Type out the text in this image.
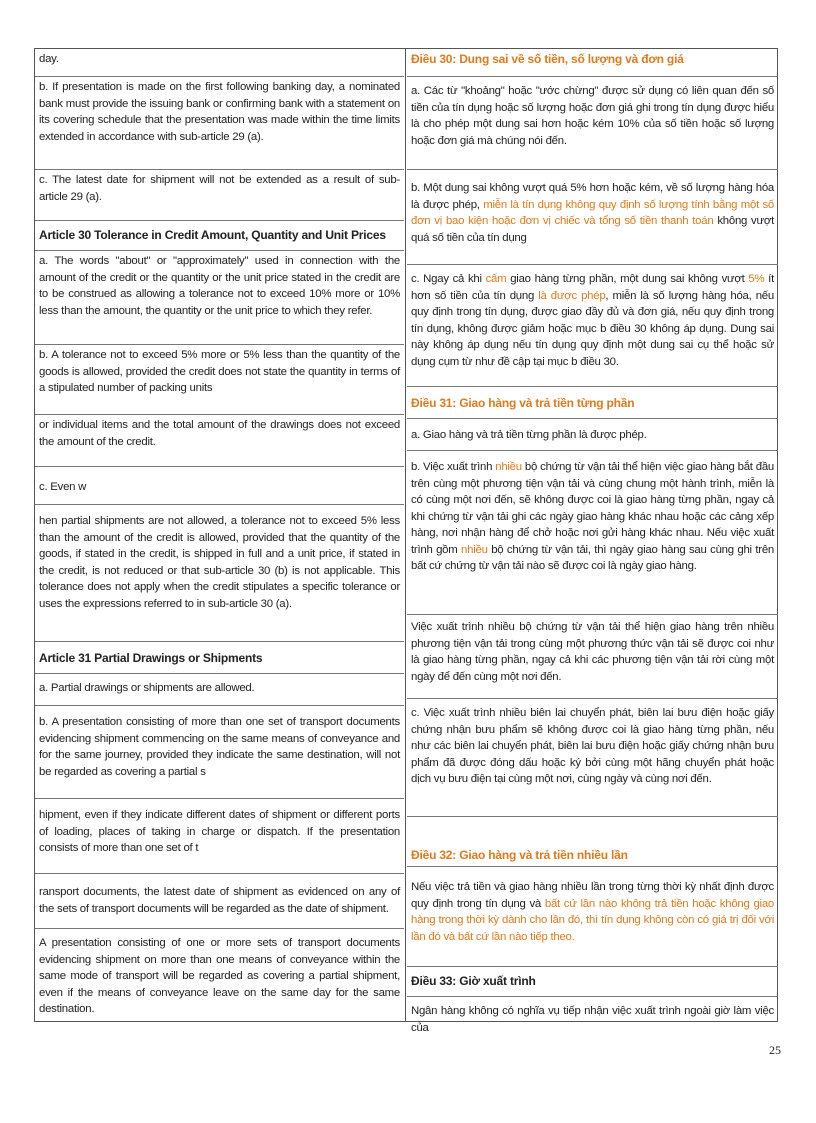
day.

b. If presentation is made on the first following banking day, a nominated bank must provide the issuing bank or confirming bank with a statement on its covering schedule that the presentation was made within the time limits extended in accordance with sub-article 29 (a).

c. The latest date for shipment will not be extended as a result of sub-article 29 (a).

Article 30 Tolerance in Credit Amount, Quantity and Unit Prices

a. The words "about" or "approximately" used in connection with the amount of the credit or the quantity or the unit price stated in the credit are to be construed as allowing a tolerance not to exceed 10% more or 10% less than the amount, the quantity or the unit price to which they refer.

b. A tolerance not to exceed 5% more or 5% less than the quantity of the goods is allowed, provided the credit does not state the quantity in terms of a stipulated number of packing units

or individual items and the total amount of the drawings does not exceed the amount of the credit.

c. Even w

hen partial shipments are not allowed, a tolerance not to exceed 5% less than the amount of the credit is allowed, provided that the quantity of the goods, if stated in the credit, is shipped in full and a unit price, if stated in the credit, is not reduced or that sub-article 30 (b) is not applicable. This tolerance does not apply when the credit stipulates a specific tolerance or uses the expressions referred to in sub-article 30 (a).

Article 31 Partial Drawings or Shipments

a. Partial drawings or shipments are allowed.

b. A presentation consisting of more than one set of transport documents evidencing shipment commencing on the same means of conveyance and for the same journey, provided they indicate the same destination, will not be regarded as covering a partial s

hipment, even if they indicate different dates of shipment or different ports of loading, places of taking in charge or dispatch. If the presentation consists of more than one set of t

ransport documents, the latest date of shipment as evidenced on any of the sets of transport documents will be regarded as the date of shipment.

A presentation consisting of one or more sets of transport documents evidencing shipment on more than one means of conveyance within the same mode of transport will be regarded as covering a partial shipment, even if the means of conveyance leave on the same day for the same destination.

Điều 30: Dung sai về số tiền, số lượng và đơn giá

a. Các từ "khoảng" hoặc "ước chừng" được sử dụng có liên quan đến số tiền của tín dụng hoặc số lượng hoặc đơn giá ghi trong tín dụng được hiểu là cho phép một dung sai hơn hoặc kém 10% của số tiền hoặc số lượng hoặc đơn giá mà chúng nói đến.

b. Một dung sai không vượt quá 5% hơn hoặc kém, về số lượng hàng hóa là được phép, miễn là tín dụng không quy định số lượng tính bằng một số đơn vị bao kiện hoặc đơn vị chiếc và tổng số tiền thanh toán không vượt quá số tiền của tín dụng

c. Ngay cả khi cấm giao hàng từng phần, một dung sai không vượt 5% ít hơn số tiền của tín dụng là được phép, miễn là số lượng hàng hóa, nếu quy định trong tín dụng, được giao đầy đủ và đơn giá, nếu quy định trong tín dụng, không được giảm hoặc mục b điều 30 không áp dụng. Dung sai này không áp dụng nếu tín dụng quy định một dung sai cụ thể hoặc sử dụng cụm từ như đề cập tại mục b điều 30.

Điều 31: Giao hàng và trả tiền từng phần

a. Giao hàng và trả tiền từng phần là được phép.

b. Việc xuất trình nhiều bộ chứng từ vận tải thể hiện việc giao hàng bắt đầu trên cùng một phương tiện vận tải và cùng chung một hành trình, miễn là có cùng một nơi đến, sẽ không được coi là giao hàng từng phần, ngay cả khi chứng từ vận tải ghi các ngày giao hàng khác nhau hoặc các cảng xếp hàng, nơi nhận hàng để chở hoặc nơi gửi hàng khác nhau. Nếu việc xuất trình gồm nhiều bộ chứng từ vận tải, thì ngày giao hàng sau cùng ghi trên bất cứ chứng từ vận tải nào sẽ được coi là ngày giao hàng.

Việc xuất trình nhiều bộ chứng từ vận tải thể hiện giao hàng trên nhiều phương tiện vận tải trong cùng một phương thức vận tải sẽ được coi như là giao hàng từng phần, ngay cả khi các phương tiện vận tải rời cùng một ngày để đến cùng một nơi đến.

c. Việc xuất trình nhiều biên lai chuyển phát, biên lai bưu điện hoặc giấy chứng nhận bưu phẩm sẽ không được coi là giao hàng từng phần, nếu như các biên lai chuyển phát, biên lai bưu điện hoặc giấy chứng nhận bưu phẩm đã được đóng dấu hoặc ký bởi cùng một hãng chuyển phát hoặc dịch vụ bưu điện tại cùng một nơi, cùng ngày và cùng nơi đến.

Điều 32: Giao hàng và trả tiền nhiều lần

Nếu việc trả tiền và giao hàng nhiều lần trong từng thời kỳ nhất định được quy định trong tín dụng và bất cứ lần nào không trả tiền hoặc không giao hàng trong thời kỳ dành cho lần đó, thì tín dụng không còn có giá trị đối với lần đó và bất cứ lần nào tiếp theo.

Điều 33: Giờ xuất trình

Ngân hàng không có nghĩa vụ tiếp nhận việc xuất trình ngoài giờ làm việc của

25
